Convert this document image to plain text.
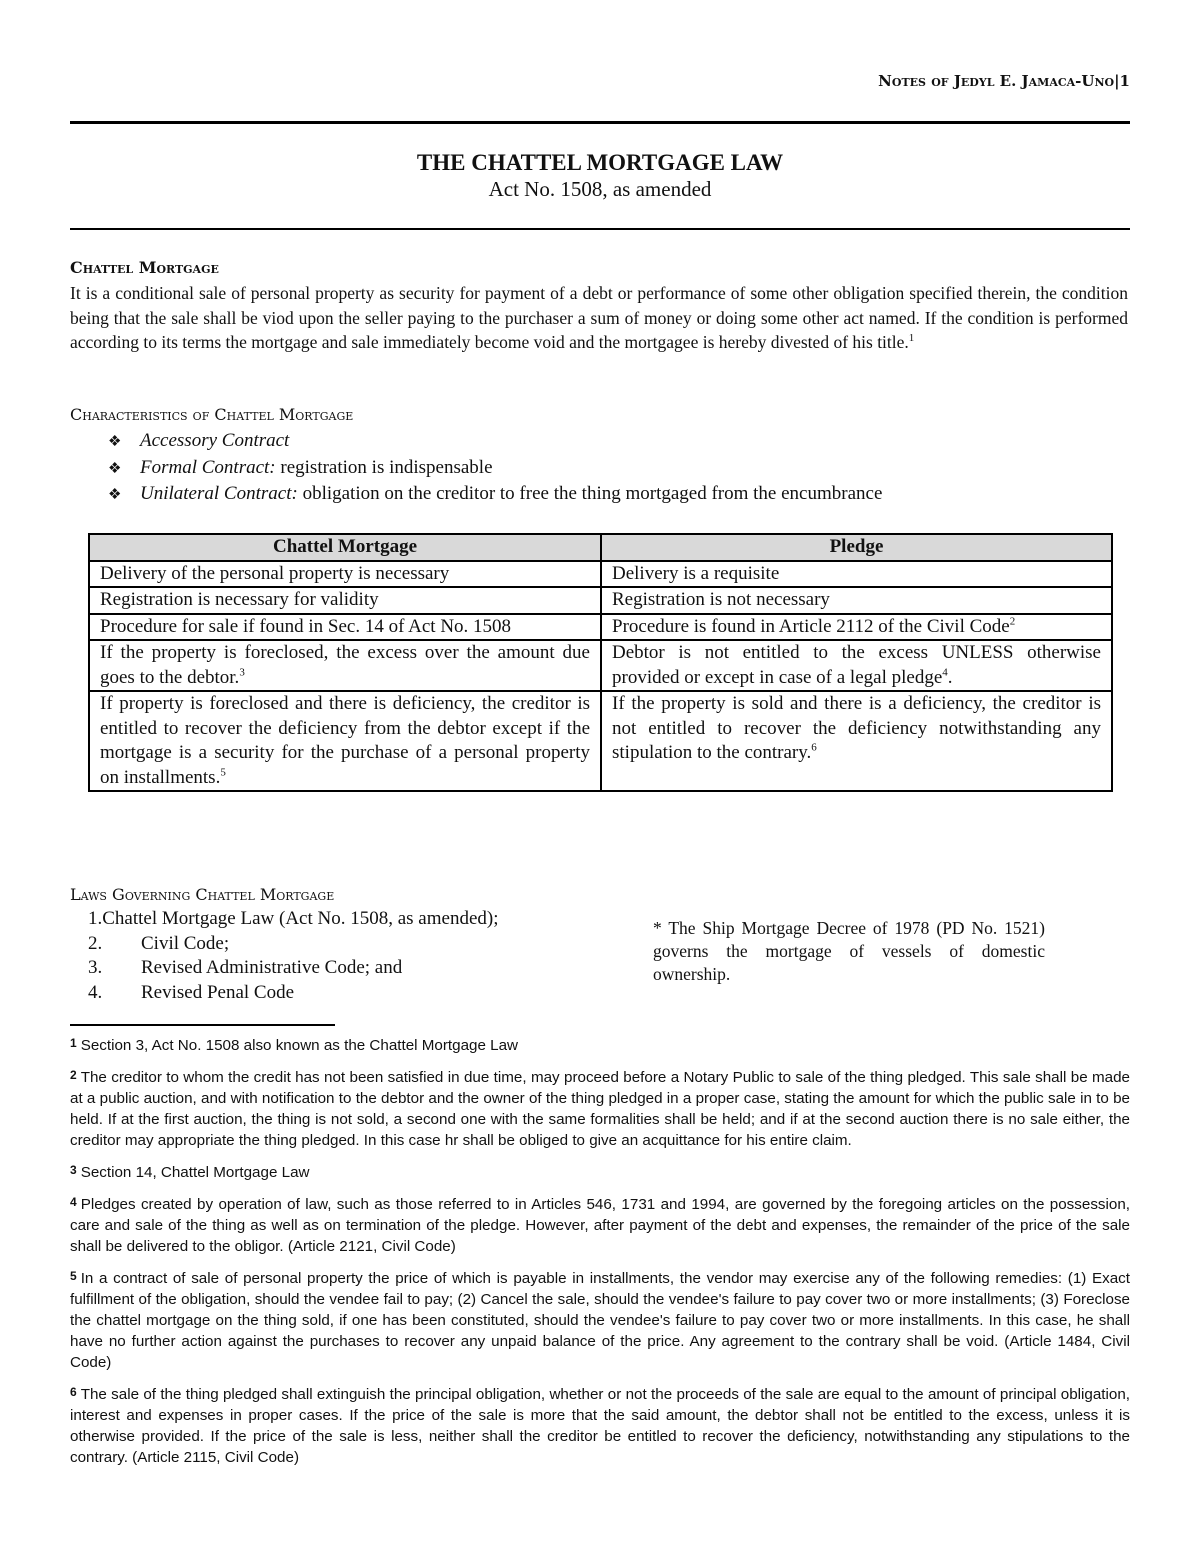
Notes of Jedyl E. Jamaca-Uno|1
THE CHATTEL MORTGAGE LAW
Act No. 1508, as amended
Chattel Mortgage
It is a conditional sale of personal property as security for payment of a debt or performance of some other obligation specified therein, the condition being that the sale shall be viod upon the seller paying to the purchaser a sum of money or doing some other act named. If the condition is performed according to its terms the mortgage and sale immediately become void and the mortgagee is hereby divested of his title.$^1$
Characteristics of Chattel Mortgage
❖ Accessory Contract
❖ Formal Contract: registration is indispensable
❖ Unilateral Contract: obligation on the creditor to free the thing mortgaged from the encumbrance
Chattel Mortgage	Pledge
Delivery of the personal property is necessary	Delivery is a requisite
Registration is necessary for validity	Registration is not necessary
Procedure for sale if found in Sec. 14 of Act No. 1508	Procedure is found in Article 2112 of the Civil Code$^2$
If the property is foreclosed, the excess over the amount due goes to the debtor.$^3$	Debtor is not entitled to the excess UNLESS otherwise provided or except in case of a legal pledge$^4$.
If property is foreclosed and there is deficiency, the creditor is entitled to recover the deficiency from the debtor except if the mortgage is a security for the purchase of a personal property on installments.$^5$	If the property is sold and there is a deficiency, the creditor is not entitled to recover the deficiency notwithstanding any stipulation to the contrary.$^6$
Laws Governing Chattel Mortgage
1.Chattel Mortgage Law (Act No. 1508, as amended);
2. Civil Code;
3. Revised Administrative Code; and
4. Revised Penal Code
* The Ship Mortgage Decree of 1978 (PD No. 1521) governs the mortgage of vessels of domestic ownership.

1 Section 3, Act No. 1508 also known as the Chattel Mortgage Law

2 The creditor to whom the credit has not been satisfied in due time, may proceed before a Notary Public to sale of the thing pledged. This sale shall be made at a public auction, and with notification to the debtor and the owner of the thing pledged in a proper case, stating the amount for which the public sale in to be held. If at the first auction, the thing is not sold, a second one with the same formalities shall be held; and if at the second auction there is no sale either, the creditor may appropriate the thing pledged. In this case hr shall be obliged to give an acquittance for his entire claim.

3 Section 14, Chattel Mortgage Law

4 Pledges created by operation of law, such as those referred to in Articles 546, 1731 and 1994, are governed by the foregoing articles on the possession, care and sale of the thing as well as on termination of the pledge. However, after payment of the debt and expenses, the remainder of the price of the sale shall be delivered to the obligor. (Article 2121, Civil Code)

5 In a contract of sale of personal property the price of which is payable in installments, the vendor may exercise any of the following remedies: (1) Exact fulfillment of the obligation, should the vendee fail to pay; (2) Cancel the sale, should the vendee's failure to pay cover two or more installments; (3) Foreclose the chattel mortgage on the thing sold, if one has been constituted, should the vendee's failure to pay cover two or more installments. In this case, he shall have no further action against the purchases to recover any unpaid balance of the price. Any agreement to the contrary shall be void. (Article 1484, Civil Code)

6 The sale of the thing pledged shall extinguish the principal obligation, whether or not the proceeds of the sale are equal to the amount of principal obligation, interest and expenses in proper cases. If the price of the sale is more that the said amount, the debtor shall not be entitled to the excess, unless it is otherwise provided. If the price of the sale is less, neither shall the creditor be entitled to recover the deficiency, notwithstanding any stipulations to the contrary. (Article 2115, Civil Code)
